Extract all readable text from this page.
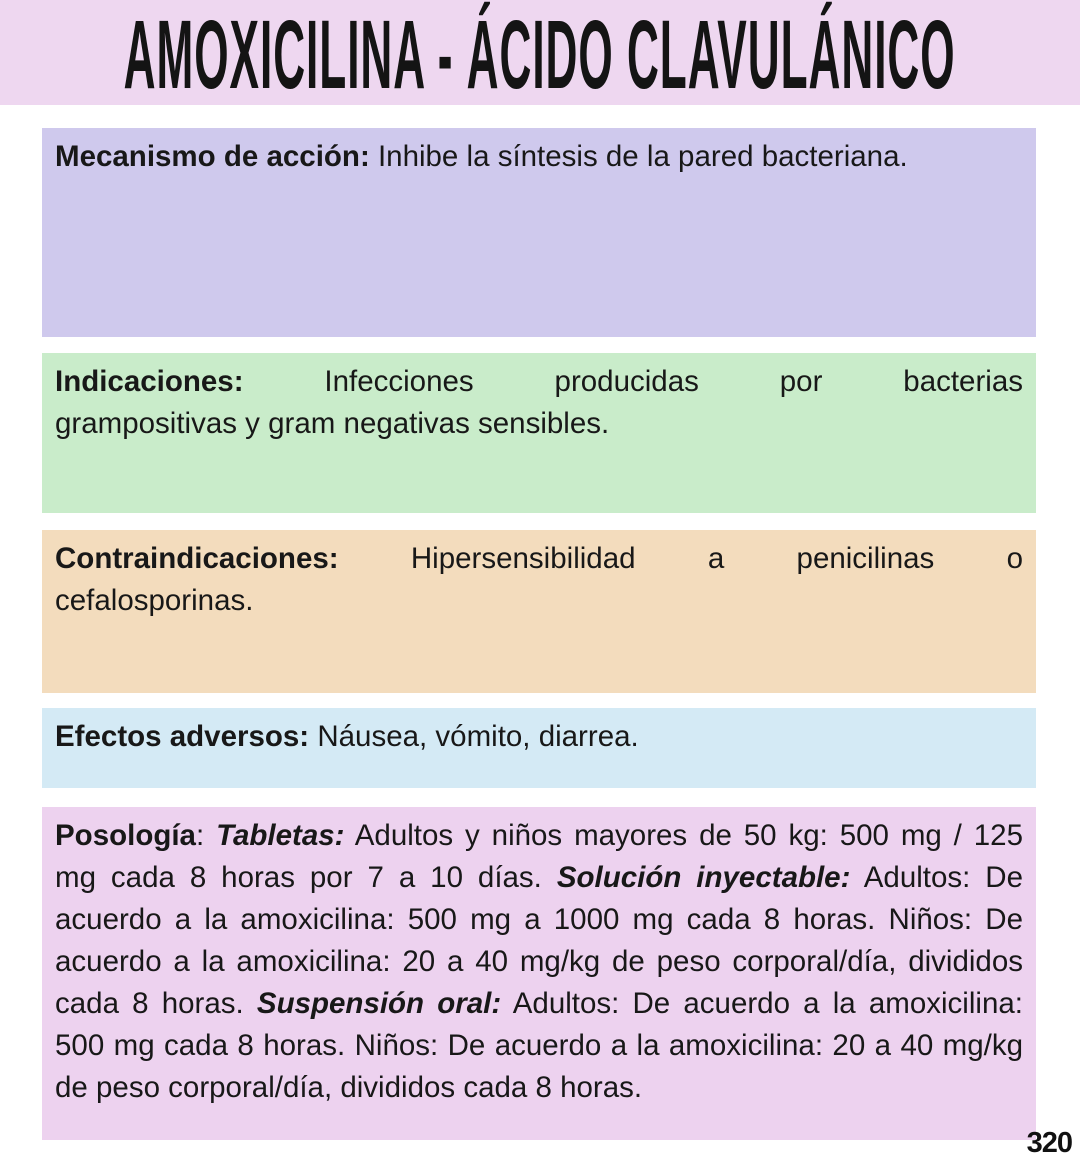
AMOXICILINA - ÁCIDO CLAVULÁNICO
Mecanismo de acción: Inhibe la síntesis de la pared bacteriana.
Indicaciones: Infecciones producidas por bacterias
grampositivas y gram negativas sensibles.
Contraindicaciones: Hipersensibilidad a penicilinas o
cefalosporinas.
Efectos adversos: Náusea, vómito, diarrea.
Posología: Tabletas: Adultos y niños mayores de 50 kg: 500 mg / 125
mg cada 8 horas por 7 a 10 días. Solución inyectable: Adultos: De
acuerdo a la amoxicilina: 500 mg a 1000 mg cada 8 horas. Niños: De
acuerdo a la amoxicilina: 20 a 40 mg/kg de peso corporal/día, divididos
cada 8 horas. Suspensión oral: Adultos: De acuerdo a la amoxicilina:
500 mg cada 8 horas. Niños: De acuerdo a la amoxicilina: 20 a 40 mg/kg
de peso corporal/día, divididos cada 8 horas.
320
